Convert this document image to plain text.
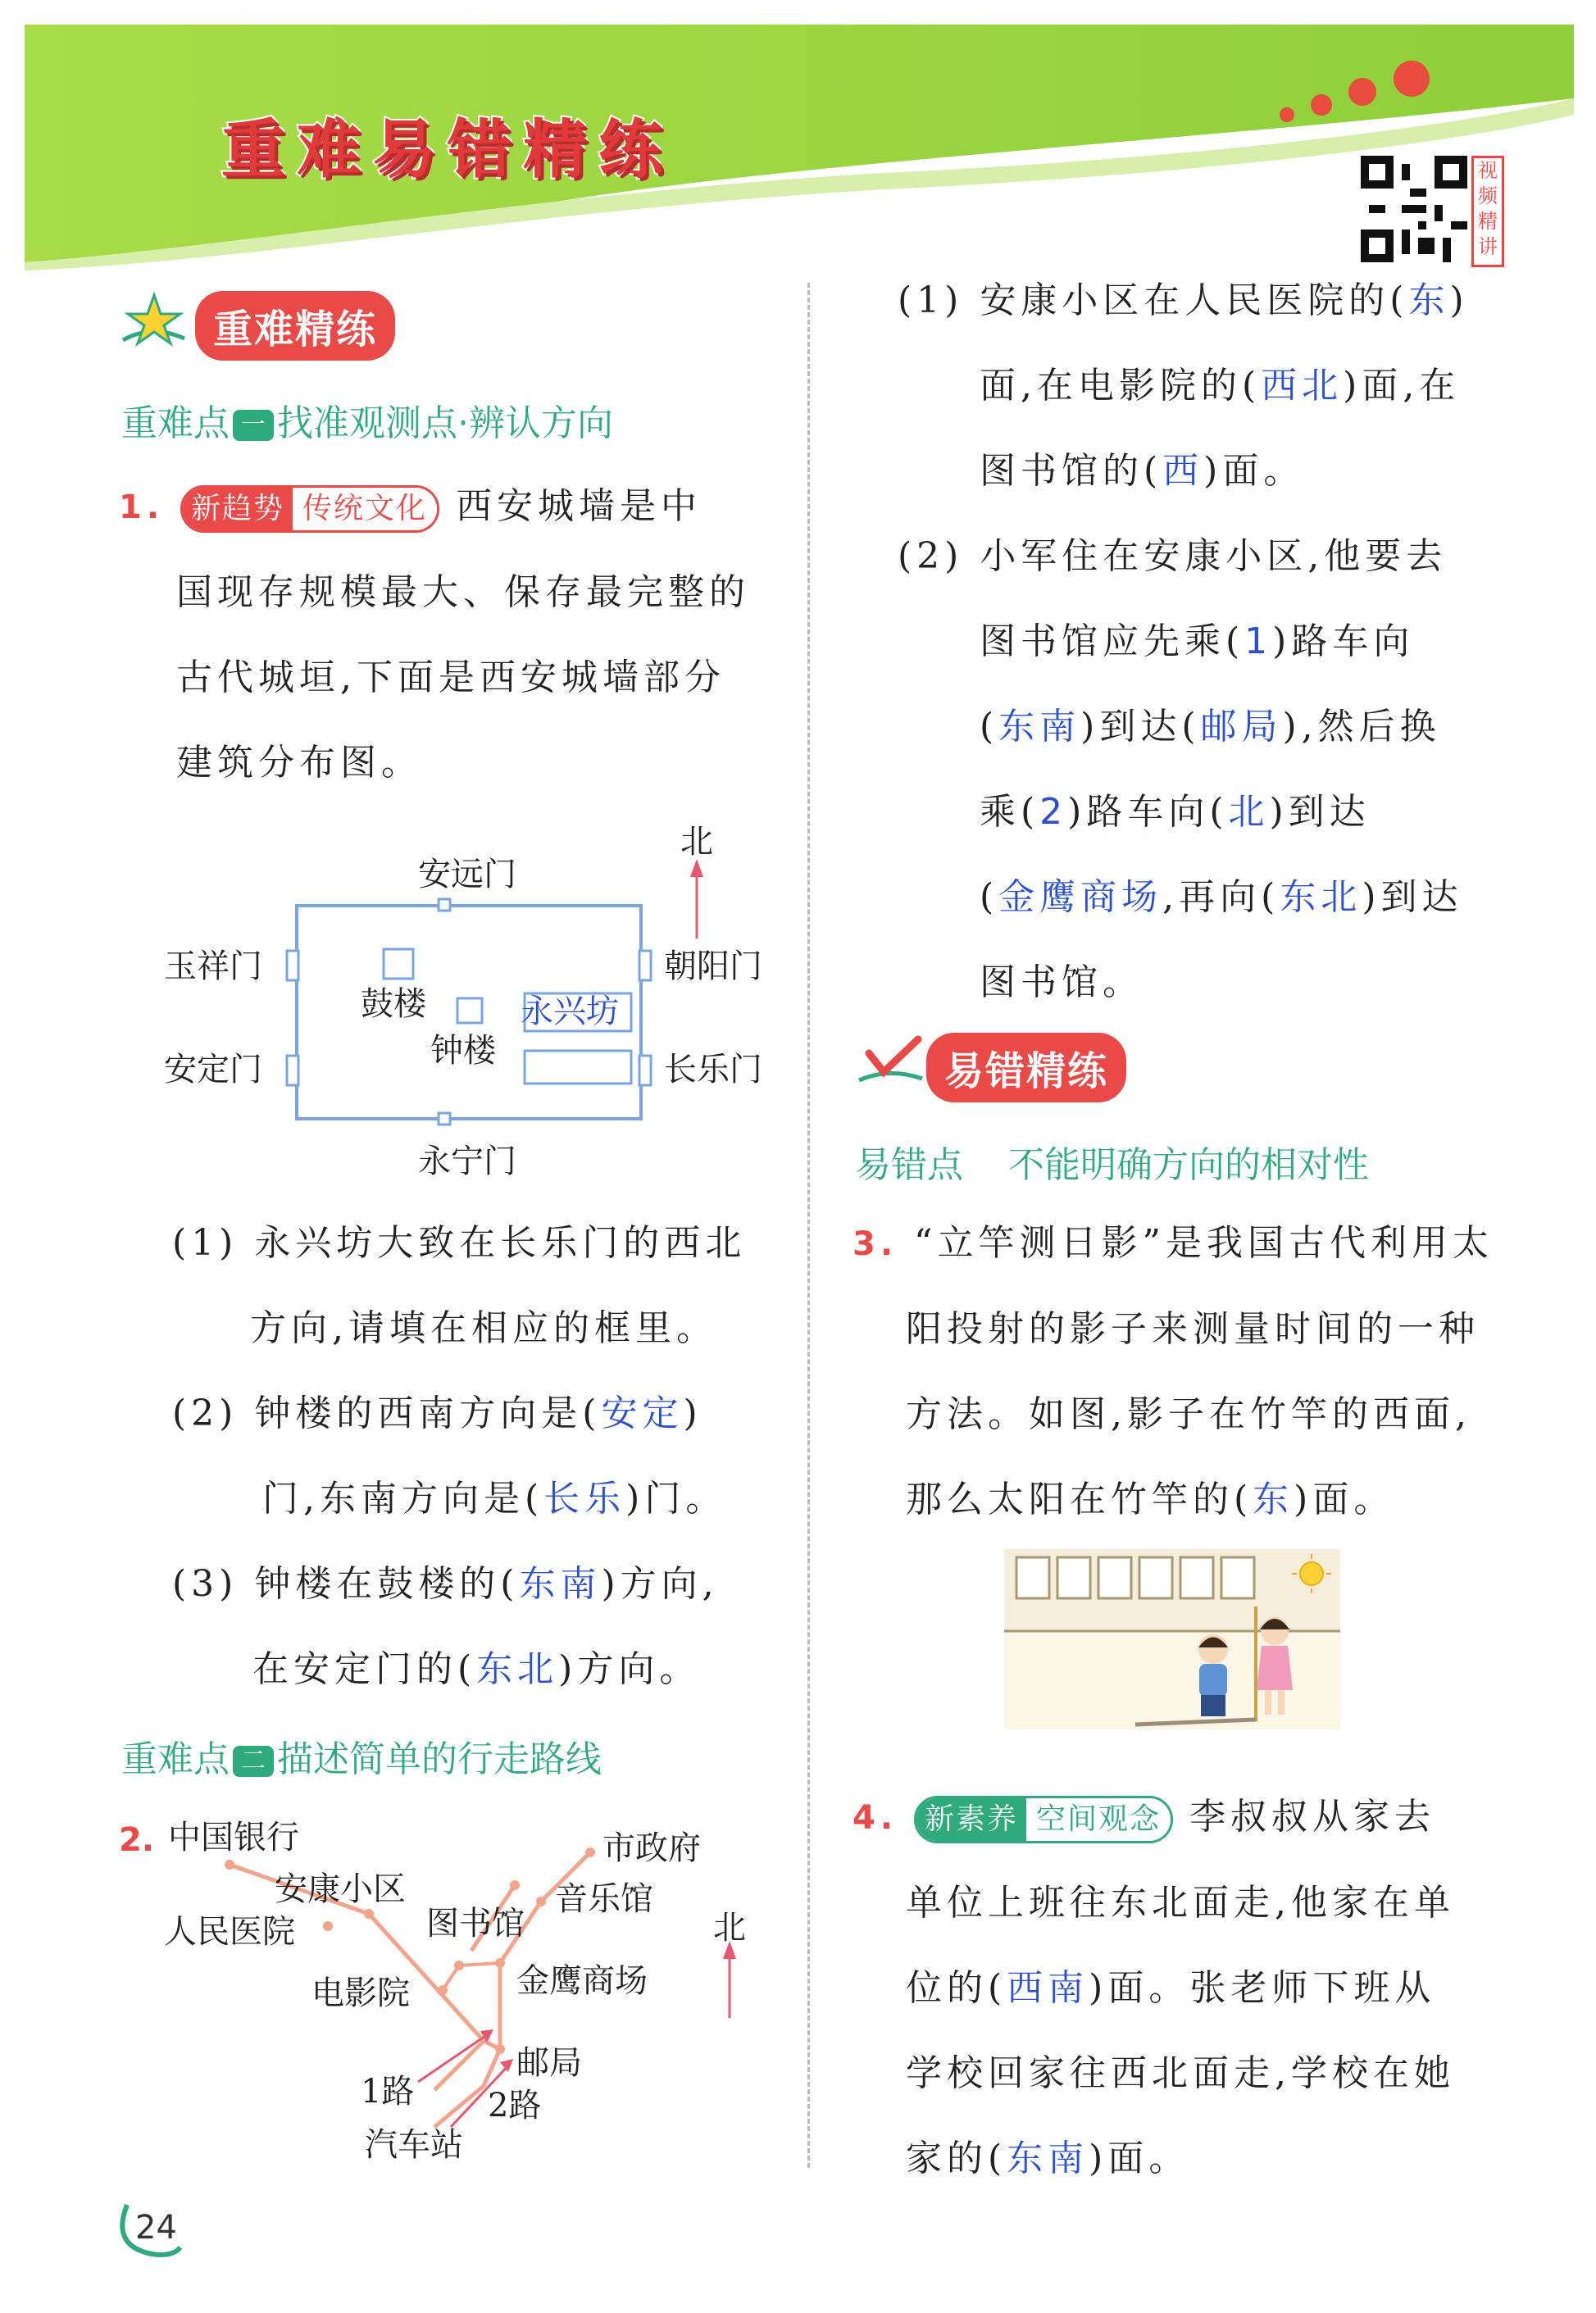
重难易错精练	视
频
精
讲
重难精练
重难点 一 找准观测点·辨认方向
1. 新趋势 传统文化 西安城墙是中
国现存规模最大、保存最完整的
古代城垣,下面是西安城墙部分
建筑分布图。
北
安远门
永宁门
玉祥门
安定门
朝阳门
长乐门
鼓楼
钟楼
永兴坊
(1) 永兴坊大致在长乐门的西北
方向,请填在相应的框里。
(2) 钟楼的西南方向是(安定)
门,东南方向是(长乐)门。
(3) 钟楼在鼓楼的(东南)方向,
在安定门的(东北)方向。
重难点 二 描述简单的行走路线
2. 中国银行
安康小区
人民医院
电影院
图书馆
市政府
音乐馆
金鹰商场
邮局
1路 2路
汽车站
北
24
(1) 安康小区在人民医院的(东)
面,在电影院的(西北)面,在
图书馆的(西)面。
(2) 小军住在安康小区,他要去
图书馆应先乘(1)路车向
(东南)到达(邮局),然后换
乘(2)路车向(北)到达
(金鹰商场,再向(东北)到达
图书馆。
易错精练
易错点 不能明确方向的相对性
3. “立竿测日影”是我国古代利用太
阳投射的影子来测量时间的一种
方法。如图,影子在竹竿的西面,
那么太阳在竹竿的(东)面。
4. 新素养 空间观念 李叔叔从家去
单位上班往东北面走,他家在单
位的(西南)面。张老师下班从
学校回家往西北面走,学校在她
家的(东南)面。
